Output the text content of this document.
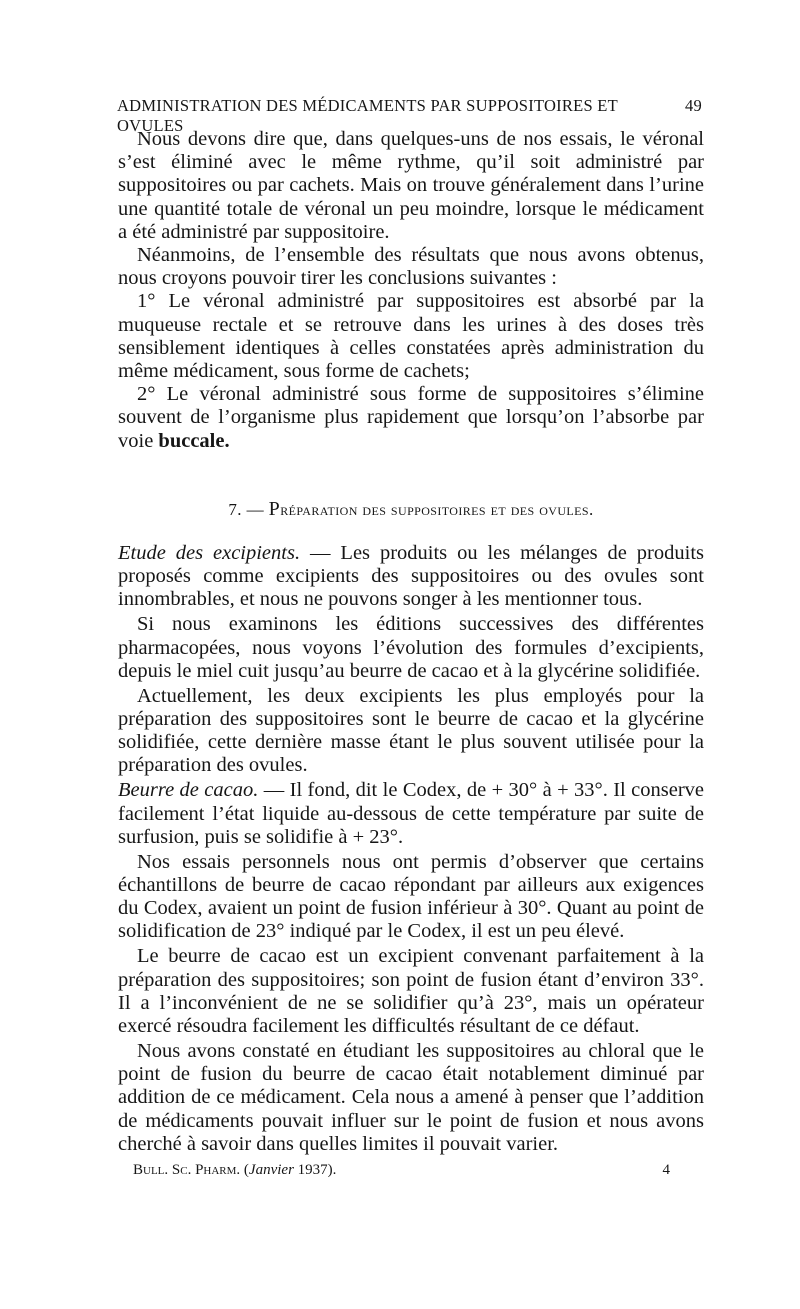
ADMINISTRATION DES MÉDICAMENTS PAR SUPPOSITOIRES ET OVULES
49

Nous devons dire que, dans quelques-uns de nos essais, le véronal s’est éliminé avec le même rythme, qu’il soit administré par suppositoires ou par cachets. Mais on trouve généralement dans l’urine une quantité totale de véronal un peu moindre, lorsque le médicament a été administré par suppositoire.

Néanmoins, de l’ensemble des résultats que nous avons obtenus, nous croyons pouvoir tirer les conclusions suivantes :

1° Le véronal administré par suppositoires est absorbé par la muqueuse rectale et se retrouve dans les urines à des doses très sensiblement identiques à celles constatées après administration du même médicament, sous forme de cachets;

2° Le véronal administré sous forme de suppositoires s’élimine souvent de l’organisme plus rapidement que lorsqu’on l’absorbe par voie buccale.

7. — Préparation des suppositoires et des ovules.

Etude des excipients. — Les produits ou les mélanges de produits proposés comme excipients des suppositoires ou des ovules sont innombrables, et nous ne pouvons songer à les mentionner tous.

Si nous examinons les éditions successives des différentes pharmacopées, nous voyons l’évolution des formules d’excipients, depuis le miel cuit jusqu’au beurre de cacao et à la glycérine solidifiée.

Actuellement, les deux excipients les plus employés pour la préparation des suppositoires sont le beurre de cacao et la glycérine solidifiée, cette dernière masse étant le plus souvent utilisée pour la préparation des ovules.

Beurre de cacao. — Il fond, dit le Codex, de + 30° à + 33°. Il conserve facilement l’état liquide au-dessous de cette température par suite de surfusion, puis se solidifie à + 23°.

Nos essais personnels nous ont permis d’observer que certains échantillons de beurre de cacao répondant par ailleurs aux exigences du Codex, avaient un point de fusion inférieur à 30°. Quant au point de solidification de 23° indiqué par le Codex, il est un peu élevé.

Le beurre de cacao est un excipient convenant parfaitement à la préparation des suppositoires; son point de fusion étant d’environ 33°. Il a l’inconvénient de ne se solidifier qu’à 23°, mais un opérateur exercé résoudra facilement les difficultés résultant de ce défaut.

Nous avons constaté en étudiant les suppositoires au chloral que le point de fusion du beurre de cacao était notablement diminué par addition de ce médicament. Cela nous a amené à penser que l’addition de médicaments pouvait influer sur le point de fusion et nous avons cherché à savoir dans quelles limites il pouvait varier.

Bull. Sc. Pharm. (Janvier 1937).	4
